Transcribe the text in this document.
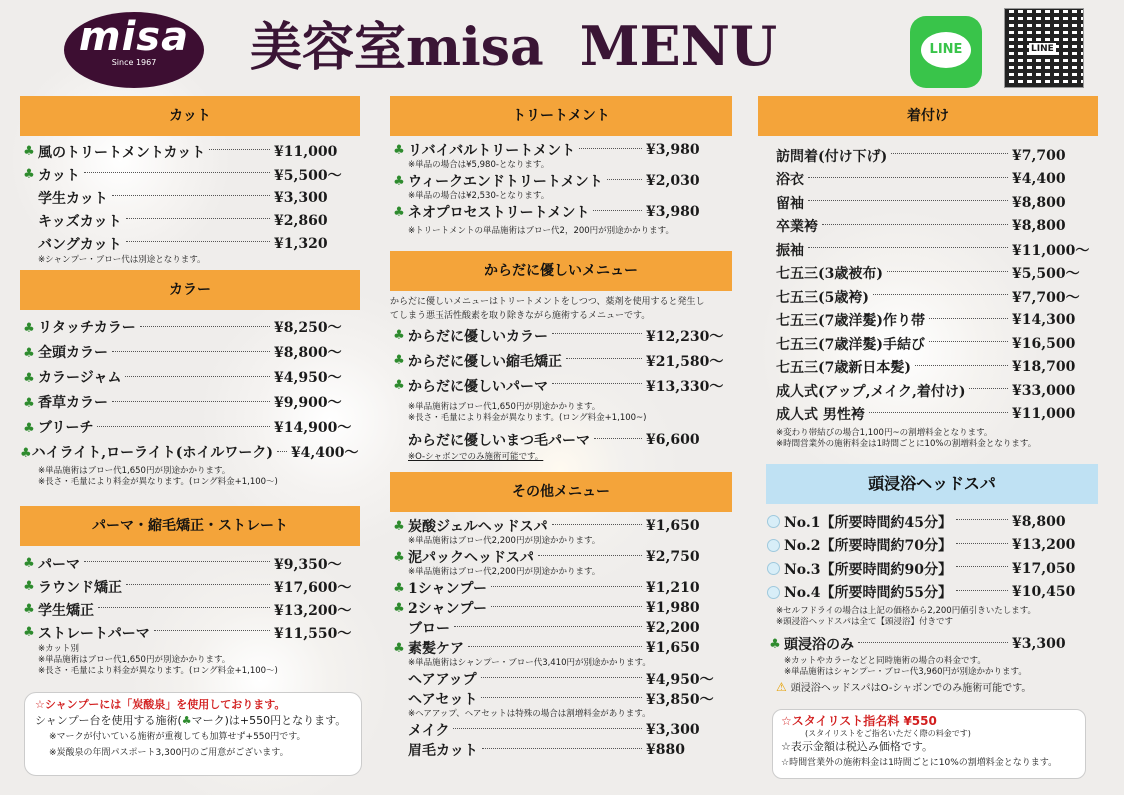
misa
Since 1967	美容室misa MENU	LINE	LINE
カット
♣ 風のトリートメントカット	¥11,000
♣ カット	¥5,500～
学生カット	¥3,300
キッズカット	¥2,860
バングカット	¥1,320
※シャンプー・ブロー代は別途となります。
カラー
♣ リタッチカラー	¥8,250～
♣ 全頭カラー	¥8,800～
♣ カラージャム	¥4,950～
♣ 香草カラー	¥9,900～
♣ ブリーチ	¥14,900～
♣ ハイライト,ローライト(ホイルワーク) ¥4,400～
※単品施術はブロー代1,650円が別途かかります。
※長さ・毛量により料金が異なります。(ロング料金+1,100～)
パーマ・縮毛矯正・ストレート
♣ パーマ	¥9,350～
♣ ラウンド矯正	¥17,600～
♣ 学生矯正	¥13,200～
♣ ストレートパーマ	¥11,550～
※カット別
※単品施術はブロー代1,650円が別途かかります。
※長さ・毛量により料金が異なります。(ロング料金+1,100～)
☆シャンプーには「炭酸泉」を使用しております。
シャンプー台を使用する施術(♣マーク)は+550円となります。
※マークが付いている施術が重複しても加算せず+550円です。
※炭酸泉の年間パスポート3,300円のご用意がございます。
トリートメント
♣ リバイバルトリートメント	¥3,980
※単品の場合は¥5,980-となります。
♣ ウィークエンドトリートメント	¥2,030
※単品の場合は¥2,530-となります。
♣ ネオプロセストリートメント	¥3,980
※トリートメントの単品施術はブロー代2，200円が別途かかります。
からだに優しいメニュー
からだに優しいメニューはトリートメントをしつつ、薬剤を使用すると発生し
てしまう悪玉活性酸素を取り除きながら施術するメニューです。
♣ からだに優しいカラー	¥12,230～
♣ からだに優しい縮毛矯正	¥21,580～
♣ からだに優しいパーマ	¥13,330～
※単品施術はブロー代1,650円が別途かかります。
※長さ・毛量により料金が異なります。(ロング料金+1,100~)
からだに優しいまつ毛パーマ	¥6,600
※O-シャボンでのみ施術可能です。
その他メニュー
♣ 炭酸ジェルヘッドスパ	¥1,650
※単品施術はブロー代2,200円が別途かかります。
♣ 泥パックヘッドスパ	¥2,750
※単品施術はブロー代2,200円が別途かかります。
♣ 1シャンプー	¥1,210
♣ 2シャンプー	¥1,980
ブロー	¥2,200
♣ 素髪ケア	¥1,650
※単品施術はシャンプー・ブロー代3,410円が別途かかります。
ヘアアップ	¥4,950～
ヘアセット	¥3,850～
※ヘアアップ、ヘアセットは特殊の場合は割増料金があります。
メイク	¥3,300
眉毛カット	¥880
着付け
訪問着(付け下げ)	¥7,700
浴衣	¥4,400
留袖	¥8,800
卒業袴	¥8,800
振袖	¥11,000～
七五三(3歳被布)	¥5,500～
七五三(5歳袴)	¥7,700～
七五三(7歳洋髮)作り帯	¥14,300
七五三(7歳洋髮)手結び	¥16,500
七五三(7歳新日本髪)	¥18,700
成人式(アップ,メイク,着付け)	¥33,000
成人式 男性袴	¥11,000
※変わり帯結びの場合1,100円~の割増料金となります。
※時間営業外の施術料金は1時間ごとに10%の割増料金となります。
頭浸浴ヘッドスパ
No.1【所要時間約45分】	¥8,800
No.2【所要時間約70分】	¥13,200
No.3【所要時間約90分】	¥17,050
No.4【所要時間約55分】	¥10,450
※セルフドライの場合は上記の価格から2,200円値引きいたします。
※頭浸浴ヘッドスパは全て【頭浸浴】付きです
♣ 頭浸浴のみ	¥3,300
※カットやカラーなどと同時施術の場合の料金です。
※単品施術はシャンプー・ブロー代3,960円が別途かかります。
⚠ 頭浸浴ヘッドスパはO-シャボンでのみ施術可能です。
☆スタイリスト指名料 ¥550
(スタイリストをご指名いただく際の料金です)
☆表示金額は税込み価格です。
☆時間営業外の施術料金は1時間ごとに10%の割増料金となります。
